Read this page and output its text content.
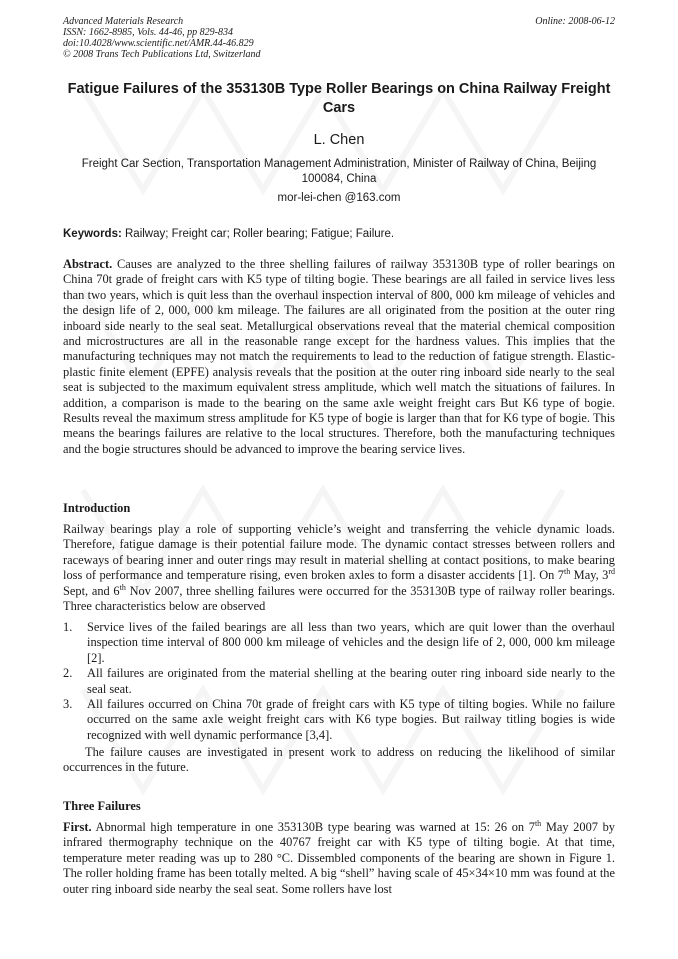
Advanced Materials Research
ISSN: 1662-8985, Vols. 44-46, pp 829-834
doi:10.4028/www.scientific.net/AMR.44-46.829
© 2008 Trans Tech Publications Ltd, Switzerland
Online: 2008-06-12
Fatigue Failures of the 353130B Type Roller Bearings on China Railway Freight Cars
L. Chen
Freight Car Section, Transportation Management Administration, Minister of Railway of China, Beijing 100084, China
mor-lei-chen @163.com
Keywords: Railway; Freight car; Roller bearing; Fatigue; Failure.
Abstract. Causes are analyzed to the three shelling failures of railway 353130B type of roller bearings on China 70t grade of freight cars with K5 type of tilting bogie. These bearings are all failed in service lives less than two years, which is quit less than the overhaul inspection interval of 800, 000 km mileage of vehicles and the design life of 2, 000, 000 km mileage. The failures are all originated from the position at the outer ring inboard side nearly to the seal seat. Metallurgical observations reveal that the material chemical composition and microstructures are all in the reasonable range except for the hardness values. This implies that the manufacturing techniques may not match the requirements to lead to the reduction of fatigue strength. Elastic-plastic finite element (EPFE) analysis reveals that the position at the outer ring inboard side nearly to the seal seat is subjected to the maximum equivalent stress amplitude, which well match the situations of failures. In addition, a comparison is made to the bearing on the same axle weight freight cars But K6 type of bogie. Results reveal the maximum stress amplitude for K5 type of bogie is larger than that for K6 type of bogie. This means the bearings failures are relative to the local structures. Therefore, both the manufacturing techniques and the bogie structures should be advanced to improve the bearing service lives.
Introduction
Railway bearings play a role of supporting vehicle’s weight and transferring the vehicle dynamic loads. Therefore, fatigue damage is their potential failure mode. The dynamic contact stresses between rollers and raceways of bearing inner and outer rings may result in material shelling at contact positions, to make bearing loss of performance and temperature rising, even broken axles to form a disaster accidents [1]. On 7th May, 3rd Sept, and 6th Nov 2007, three shelling failures were occurred for the 353130B type of railway roller bearings. Three characteristics below are observed
1. Service lives of the failed bearings are all less than two years, which are quit lower than the overhaul inspection time interval of 800 000 km mileage of vehicles and the design life of 2, 000, 000 km mileage [2].
2. All failures are originated from the material shelling at the bearing outer ring inboard side nearly to the seal seat.
3. All failures occurred on China 70t grade of freight cars with K5 type of tilting bogies. While no failure occurred on the same axle weight freight cars with K6 type bogies. But railway titling bogies is wide recognized with well dynamic performance [3,4].
The failure causes are investigated in present work to address on reducing the likelihood of similar occurrences in the future.
Three Failures
First. Abnormal high temperature in one 353130B type bearing was warned at 15: 26 on 7th May 2007 by infrared thermography technique on the 40767 freight car with K5 type of tilting bogie. At that time, temperature meter reading was up to 280 °C. Dissembled components of the bearing are shown in Figure 1. The roller holding frame has been totally melted. A big “shell” having scale of 45×34×10 mm was found at the outer ring inboard side nearby the seal seat. Some rollers have lost
